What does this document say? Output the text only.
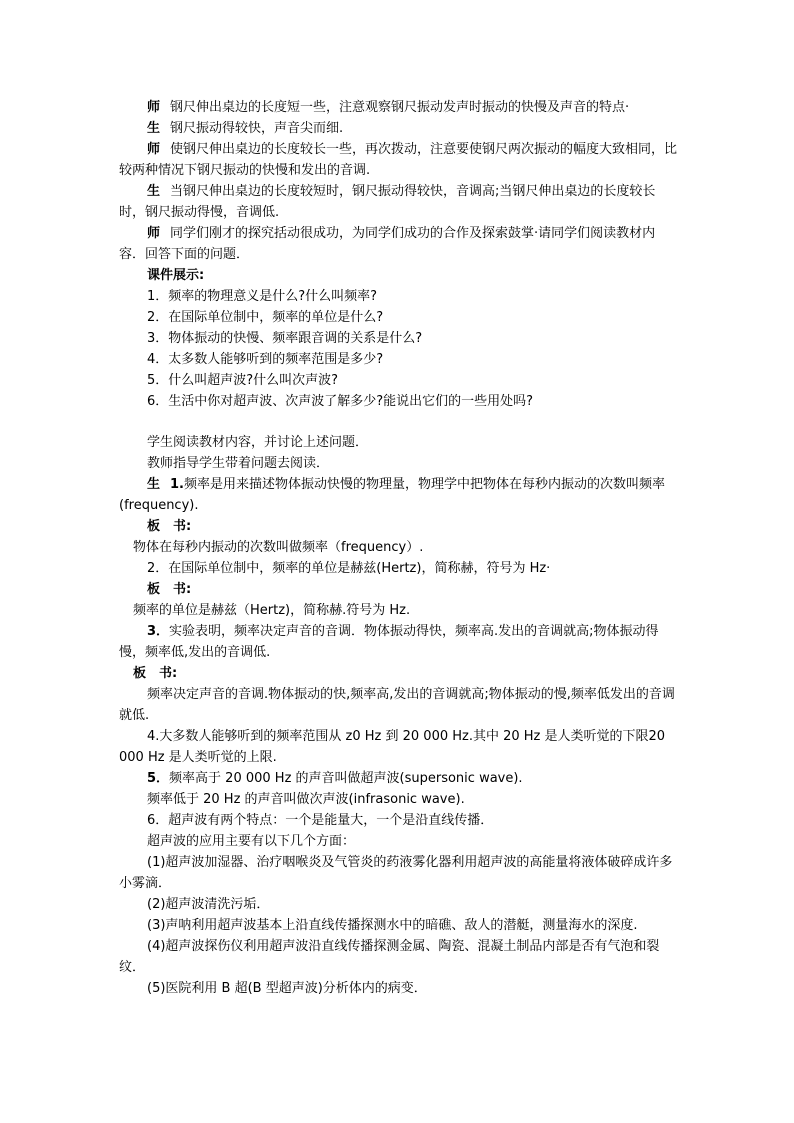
师 钢尺伸出桌边的长度短一些，注意观察钢尺振动发声时振动的快慢及声音的特点·

生 钢尺振动得较快，声音尖而细.

师 使钢尺伸出桌边的长度较长一些，再次拨动，注意要使钢尺两次振动的幅度大致相同，比较两种情况下钢尺振动的快慢和发出的音调.

生 当钢尺伸出桌边的长度较短时，钢尺振动得较快，音调高;当钢尺伸出桌边的长度较长时，钢尺振动得慢，音调低.

师 同学们刚才的探究括动很成功，为同学们成功的合作及探索鼓掌·请同学们阅读教材内容．回答下面的问题．

课件展示:

1．频率的物理意义是什么?什么叫频率?

2．在国际单位制中，频率的单位是什么?

3．物体振动的快慢、频率跟音调的关系是什么?

4．太多数人能够听到的频率范围是多少?

5．什么叫超声波?什么叫次声波?

6．生活中你对超声波、次声波了解多少?能说出它们的一些用处吗?

学生阅读教材内容，并讨论上述问题．

教师指导学生带着问题去阅读．

生 1.频率是用来描述物体振动快慢的物理量，物理学中把物体在每秒内振动的次数叫频率(frequency).

板　书:

物体在每秒内振动的次数叫做频率（frequency）.

2．在国际单位制中，频率的单位是赫兹(Hertz)，简称赫，符号为 Hz·

板　书:

频率的单位是赫兹（Hertz)，简称赫.符号为 Hz.

3．实验表明，频率决定声音的音调．物体振动得快，频率高.发出的音调就高;物体振动得慢，频率低,发出的音调低.

板　书:

频率决定声音的音调.物体振动的快,频率高,发出的音调就高;物体振动的慢,频率低发出的音调就低.

4.大多数人能够听到的频率范围从 z0 Hz 到 20 000 Hz.其中 20 Hz 是人类听觉的下限20 000 Hz 是人类听觉的上限.

5．频率高于 20 000 Hz 的声音叫做超声波(supersonic wave).

频率低于 20 Hz 的声音叫做次声波(infrasonic wave).

6．超声波有两个特点：一个是能量大，一个是沿直线传播．

超声波的应用主要有以下几个方面：

(1)超声波加湿器、治疗咽喉炎及气管炎的药液雾化器利用超声波的高能量将液体破碎成许多小雾滴．

(2)超声波清洗污垢．

(3)声呐利用超声波基本上沿直线传播探测水中的暗礁、敌人的潜艇，测量海水的深度.

(4)超声波探伤仪利用超声波沿直线传播探测金属、陶瓷、混凝土制品内部是否有气泡和裂纹．

(5)医院利用 B 超(B 型超声波)分析体内的病变．
